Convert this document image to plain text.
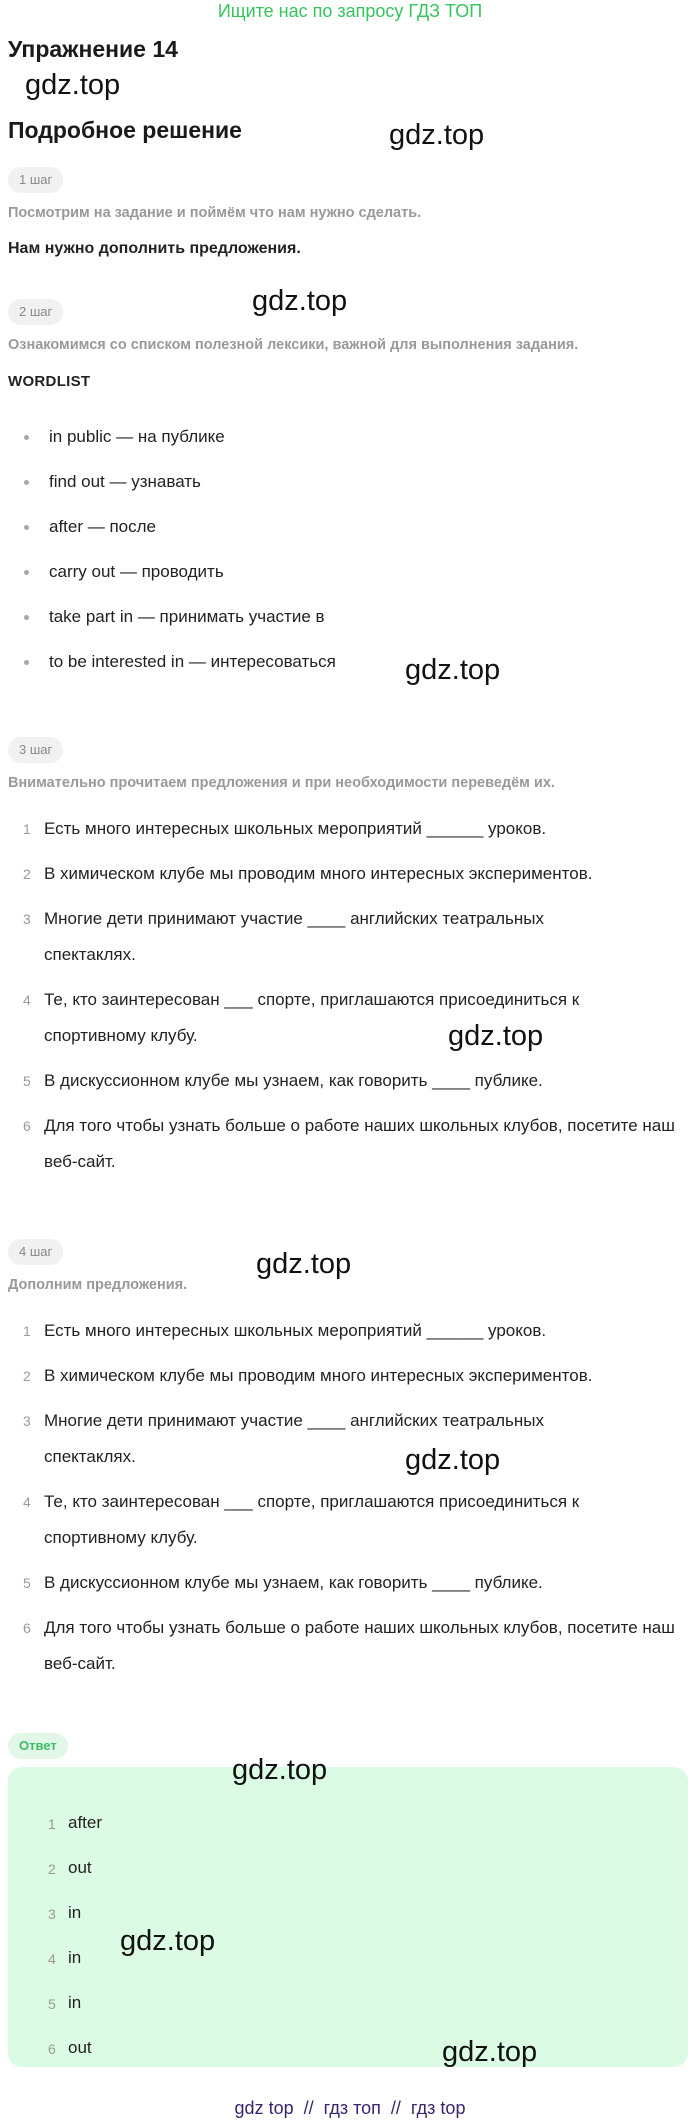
Ищите нас по запросу ГДЗ ТОП
Упражнение 14
gdz.top
Подробное решение	gdz.top
1 шаг
Посмотрим на задание и поймём что нам нужно сделать.
Нам нужно дополнить предложения.
2 шаг	gdz.top
Ознакомимся со списком полезной лексики, важной для выполнения задания.
WORDLIST
in public — на публике
find out — узнавать
after — после
carry out — проводить
take part in — принимать участие в
to be interested in — интересоваться gdz.top
3 шаг
Внимательно прочитаем предложения и при необходимости переведём их.
1 Есть много интересных школьных мероприятий ______ уроков.
2 В химическом клубе мы проводим много интересных экспериментов.
3 Многие дети принимают участие ____ английских театральных спектаклях.
4 Те, кто заинтересован ___ спорте, приглашаются присоединиться к спортивному клубу.
5 В дискуссионном клубе мы узнаем, как говорить ____ публике.
6 Для того чтобы узнать больше о работе наших школьных клубов, посетите наш веб-сайт.
gdz.top
4 шаг
Дополним предложения.
gdz.top
1 Есть много интересных школьных мероприятий ______ уроков.
2 В химическом клубе мы проводим много интересных экспериментов.
3 Многие дети принимают участие ____ английских театральных спектаклях.
4 Те, кто заинтересован ___ спорте, приглашаются присоединиться к спортивному клубу.
5 В дискуссионном клубе мы узнаем, как говорить ____ публике.
6 Для того чтобы узнать больше о работе наших школьных клубов, посетите наш веб-сайт.
gdz.top
Ответ
gdz.top
1 after
2 out
3 in
4 in
5 in
6 out
gdz.top
gdz.top
gdz top  //  гдз топ  //  гдз top
